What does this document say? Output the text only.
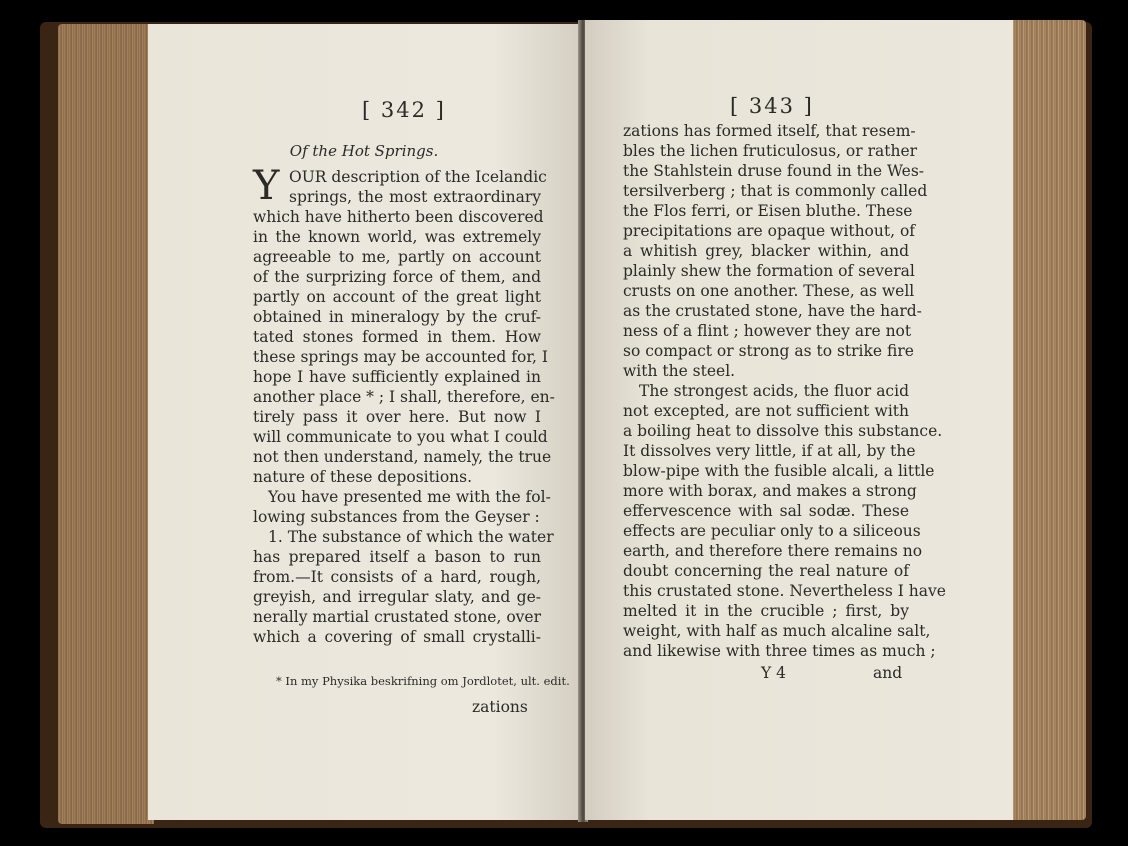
[ 342 ]
Of the Hot Springs.
Y OUR description of the Icelandic
springs, the most extraordinary
which have hitherto been discovered
in the known world, was extremely
agreeable to me, partly on account
of the surprizing force of them, and
partly on account of the great light
obtained in mineralogy by the cruf-
tated stones formed in them. How
these springs may be accounted for, I
hope I have sufficiently explained in
another place * ; I shall, therefore, en-
tirely pass it over here. But now I
will communicate to you what I could
not then understand, namely, the true
nature of these depositions.
You have presented me with the fol-
lowing substances from the Geyser :
1. The substance of which the water
has prepared itself a bason to run
from.—It consists of a hard, rough,
greyish, and irregular slaty, and ge-
nerally martial crustated stone, over
which a covering of small crystalli-
* In my Physika beskrifning om Jordlotet, ult. edit.
zations
[ 343 ]
zations has formed itself, that resem-
bles the lichen fruticulosus, or rather
the Stahlstein druse found in the Wes-
tersilverberg ; that is commonly called
the Flos ferri, or Eisen bluthe. These
precipitations are opaque without, of
a whitish grey, blacker within, and
plainly shew the formation of several
crusts on one another. These, as well
as the crustated stone, have the hard-
ness of a flint ; however they are not
so compact or strong as to strike fire
with the steel.
The strongest acids, the fluor acid
not excepted, are not sufficient with
a boiling heat to dissolve this substance.
It dissolves very little, if at all, by the
blow-pipe with the fusible alcali, a little
more with borax, and makes a strong
effervescence with sal sodæ. These
effects are peculiar only to a siliceous
earth, and therefore there remains no
doubt concerning the real nature of
this crustated stone. Nevertheless I have
melted it in the crucible ; first, by
weight, with half as much alcaline salt,
and likewise with three times as much ;
Y 4	and
